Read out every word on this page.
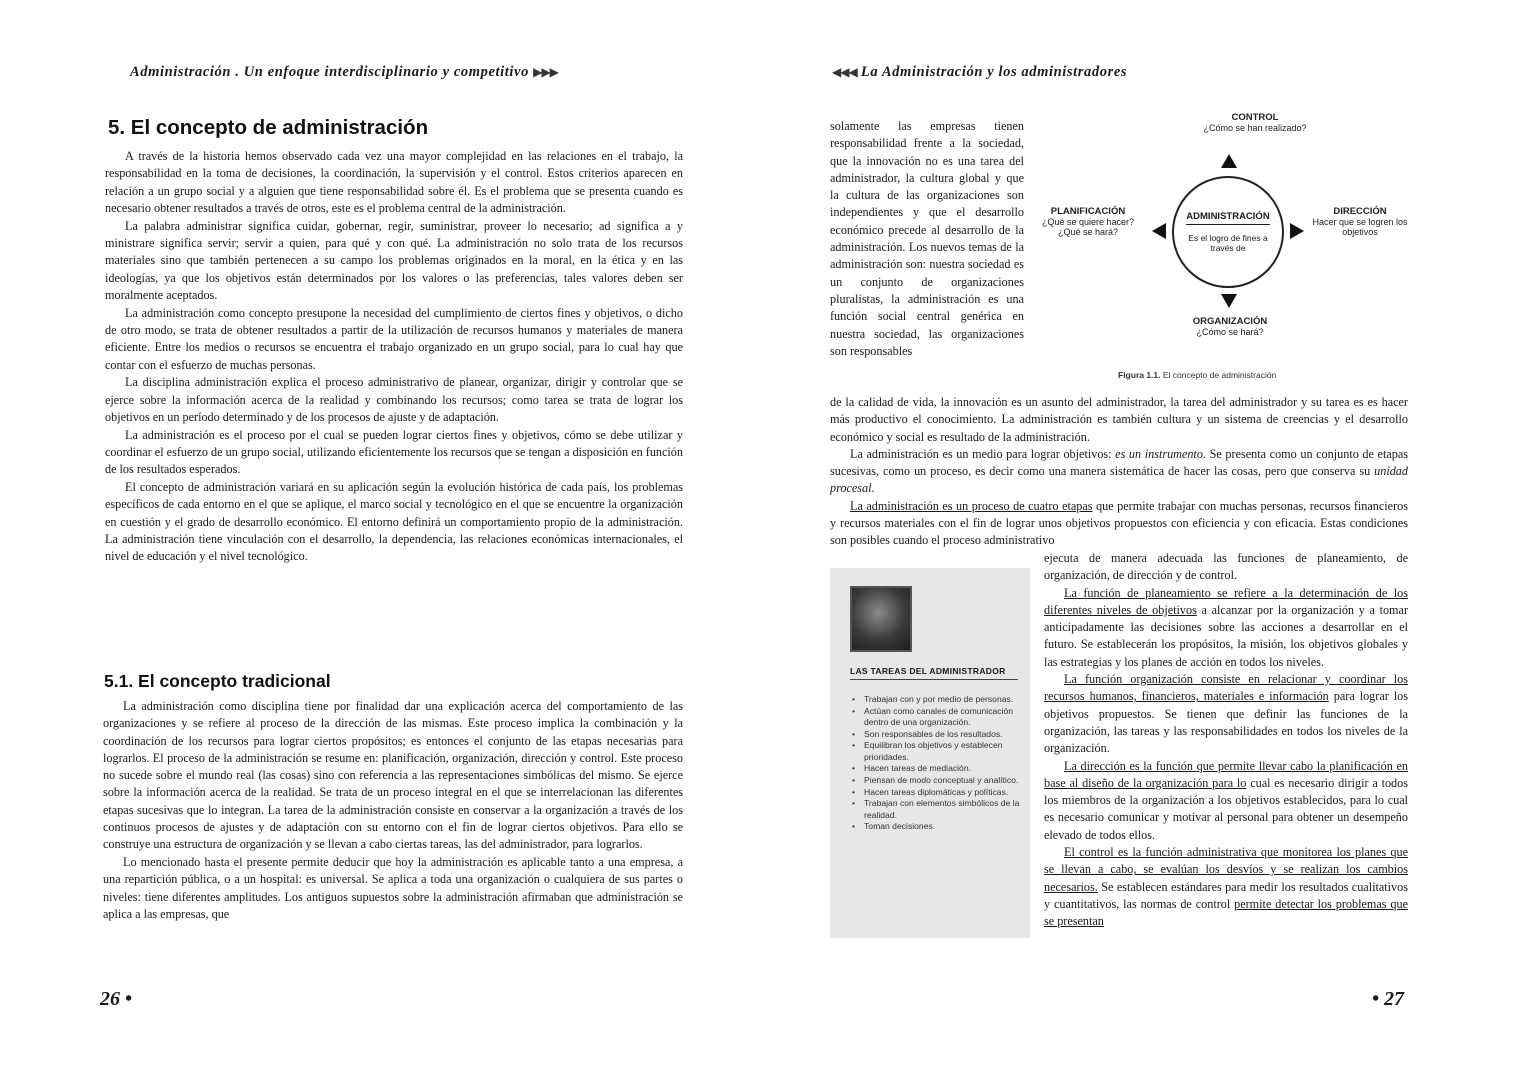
Administración . Un enfoque interdisciplinario y competitivo ▶▶▶
5. El concepto de administración

A través de la historia hemos observado cada vez una mayor complejidad en las relaciones en el trabajo, la responsabilidad en la toma de decisiones, la coordinación, la supervisión y el control. Estos criterios aparecen en relación a un grupo social y a alguien que tiene responsabilidad sobre él. Es el problema que se presenta cuando es necesario obtener resultados a través de otros, este es el problema central de la administración.

La palabra administrar significa cuidar, gobernar, regir, suministrar, proveer lo necesario; ad significa a y ministrare significa servir; servir a quien, para qué y con qué. La administración no solo trata de los recursos materiales sino que también pertenecen a su campo los problemas originados en la moral, en la ética y en las ideologías, ya que los objetivos están determinados por los valores o las preferencias, tales valores deben ser moralmente aceptados.

La administración como concepto presupone la necesidad del cumplimiento de ciertos fines y objetivos, o dicho de otro modo, se trata de obtener resultados a partir de la utilización de recursos humanos y materiales de manera eficiente. Entre los medios o recursos se encuentra el trabajo organizado en un grupo social, para lo cual hay que contar con el esfuerzo de muchas personas.

La disciplina administración explica el proceso administrativo de planear, organizar, dirigir y controlar que se ejerce sobre la información acerca de la realidad y combinando los recursos; como tarea se trata de lograr los objetivos en un período determinado y de los procesos de ajuste y de adaptación.

La administración es el proceso por el cual se pueden lograr ciertos fines y objetivos, cómo se debe utilizar y coordinar el esfuerzo de un grupo social, utilizando eficientemente los recursos que se tengan a disposición en función de los resultados esperados.

El concepto de administración variará en su aplicación según la evolución histórica de cada país, los problemas específicos de cada entorno en el que se aplique, el marco social y tecnológico en el que se encuentre la organización en cuestión y el grado de desarrollo económico. El entorno definirá un comportamiento propio de la administración. La administración tiene vinculación con el desarrollo, la dependencia, las relaciones económicas internacionales, el nivel de educación y el nivel tecnológico.

5.1. El concepto tradicional

La administración como disciplina tiene por finalidad dar una explicación acerca del comportamiento de las organizaciones y se refiere al proceso de la dirección de las mismas. Este proceso implica la combinación y la coordinación de los recursos para lograr ciertos propósitos; es entonces el conjunto de las etapas necesarias para lograrlos. El proceso de la administración se resume en: planificación, organización, dirección y control. Este proceso no sucede sobre el mundo real (las cosas) sino con referencia a las representaciones simbólicas del mismo. Se ejerce sobre la información acerca de la realidad. Se trata de un proceso integral en el que se interrelacionan las diferentes etapas sucesivas que lo integran. La tarea de la administración consiste en conservar a la organización a través de los continuos procesos de ajustes y de adaptación con su entorno con el fin de lograr ciertos objetivos. Para ello se construye una estructura de organización y se llevan a cabo ciertas tareas, las del administrador, para lograrlos.

Lo mencionado hasta el presente permite deducir que hoy la administración es aplicable tanto a una empresa, a una repartición pública, o a un hospital: es universal. Se aplica a toda una organización o cualquiera de sus partes o niveles: tiene diferentes amplitudes. Los antiguos supuestos sobre la administración afirmaban que administración se aplica a las empresas, que

26 •
◀◀◀ La Administración y los administradores
solamente las empresas tienen responsabilidad frente a la sociedad, que la innovación no es una tarea del administrador, la cultura global y que la cultura de las organizaciones son independientes y que el desarrollo económico precede al desarrollo de la administración. Los nuevos temas de la administración son: nuestra sociedad es un conjunto de organizaciones pluralistas, la administración es una función social central genérica en nuestra sociedad, las organizaciones son responsables
CONTROL
¿Cómo se han realizado?
PLANIFICACIÓN
¿Qué se quiere hacer?
¿Qué se hará?
ADMINISTRACIÓN
Es el logro de fines a través de
DIRECCIÓN
Hacer que se logren los objetivos
ORGANIZACIÓN
¿Cómo se hará?
Figura 1.1. El concepto de administración

de la calidad de vida, la innovación es un asunto del administrador, la tarea del administrador y su tarea es es hacer más productivo el conocimiento. La administración es también cultura y un sistema de creencias y el desarrollo económico y social es resultado de la administración.

La administración es un medio para lograr objetivos: es un instrumento. Se presenta como un conjunto de etapas sucesivas, como un proceso, es decir como una manera sistemática de hacer las cosas, pero que conserva su unidad procesal.

La administración es un proceso de cuatro etapas que permite trabajar con muchas personas, recursos financieros y recursos materiales con el fin de lograr unos objetivos propuestos con eficiencia y con eficacia. Estas condiciones son posibles cuando el proceso administrativo

LAS TAREAS DEL ADMINISTRADOR
• Trabajan con y por medio de personas.
• Actúan como canales de comunicación dentro de una organización.
• Son responsables de los resultados.
• Equilibran los objetivos y establecen prioridades.
• Hacen tareas de mediación.
• Piensan de modo conceptual y analítico.
• Hacen tareas diplomáticas y políticas.
• Trabajan con elementos simbólicos de la realidad.
• Toman decisiones.

ejecuta de manera adecuada las funciones de planeamiento, de organización, de dirección y de control.

La función de planeamiento se refiere a la determinación de los diferentes niveles de objetivos a alcanzar por la organización y a tomar anticipadamente las decisiones sobre las acciones a desarrollar en el futuro. Se establecerán los propósitos, la misión, los objetivos globales y las estrategias y los planes de acción en todos los niveles.

La función organización consiste en relacionar y coordinar los recursos humanos, financieros, materiales e información para lograr los objetivos propuestos. Se tienen que definir las funciones de la organización, las tareas y las responsabilidades en todos los niveles de la organización.

La dirección es la función que permite llevar cabo la planificación en base al diseño de la organización para lo cual es necesario dirigir a todos los miembros de la organización a los objetivos establecidos, para lo cual es necesario comunicar y motivar al personal para obtener un desempeño elevado de todos ellos.

El control es la función administrativa que monitorea los planes que se llevan a cabo, se evalúan los desvíos y se realizan los cambios necesarios. Se establecen estándares para medir los resultados cualitativos y cuantitativos, las normas de control permite detectar los problemas que se presentan

• 27
